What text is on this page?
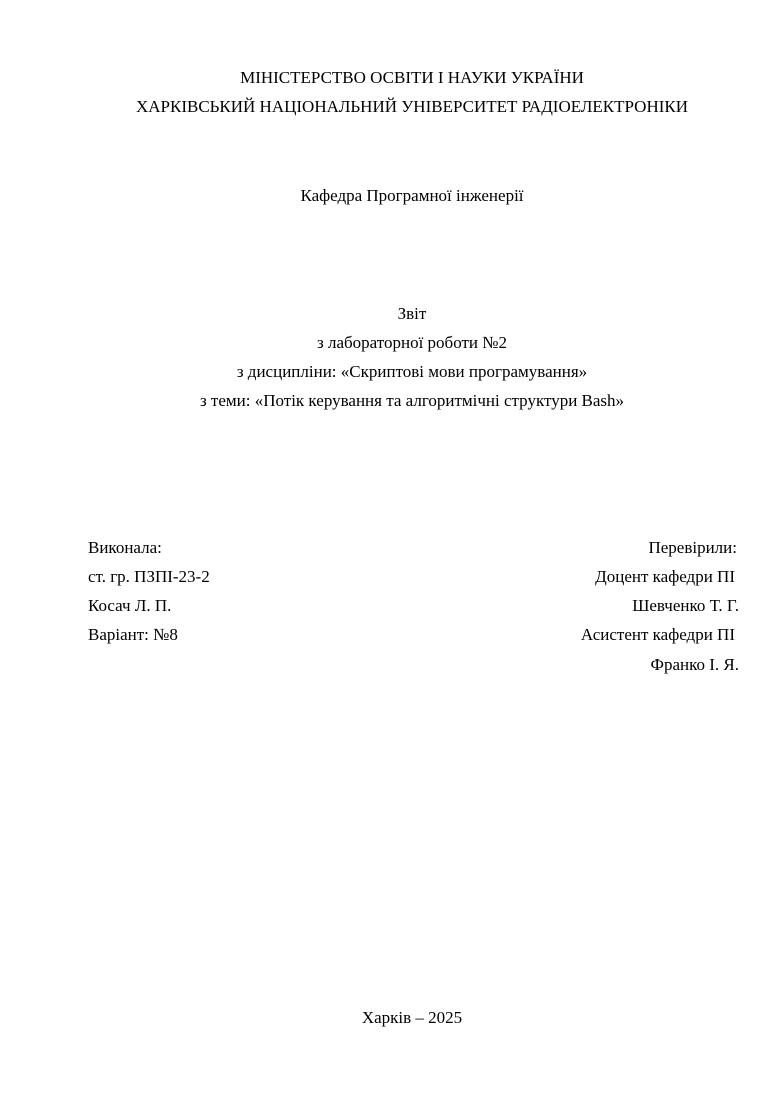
МІНІСТЕРСТВО ОСВІТИ І НАУКИ УКРАЇНИ
ХАРКІВСЬКИЙ НАЦІОНАЛЬНИЙ УНІВЕРСИТЕТ РАДІОЕЛЕКТРОНІКИ
Кафедра Програмної інженерії
Звіт
з лабораторної роботи №2
з дисципліни: «Скриптові мови програмування»
з теми: «Потік керування та алгоритмічні структури Bash»
Виконала:
ст. гр. ПЗПІ-23-2
Косач Л. П.
Варіант: №8
Перевірили:
Доцент кафедри ПІ
Шевченко Т. Г.
Асистент кафедри ПІ
Франко І. Я.
Харків – 2025
